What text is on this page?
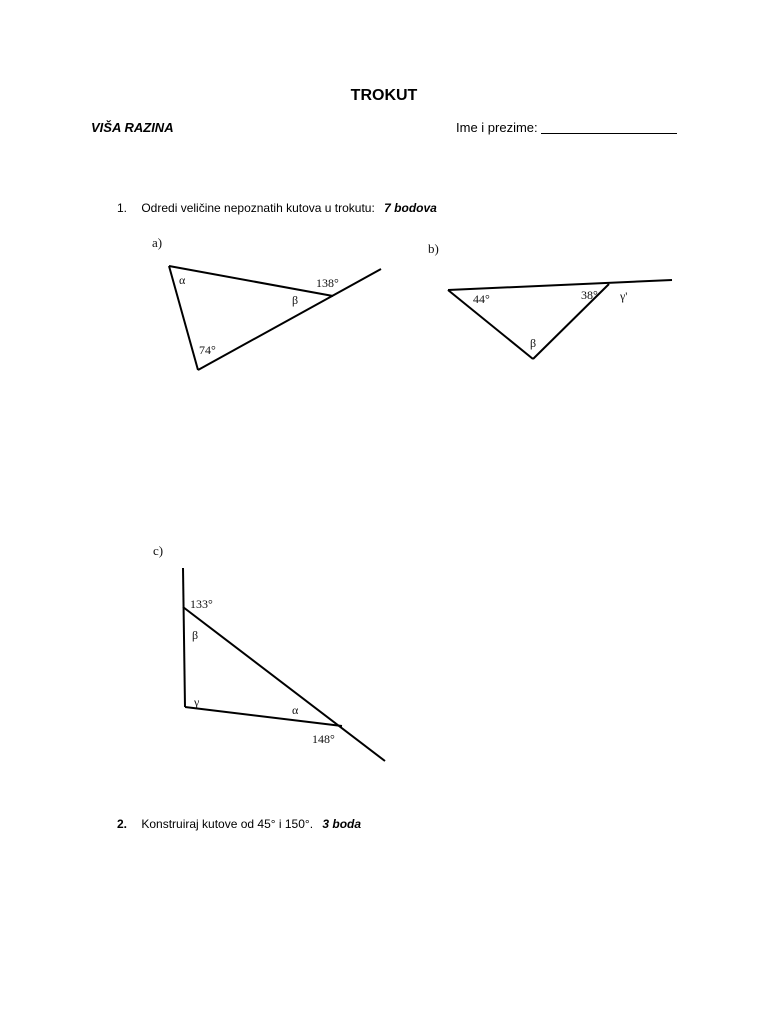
TROKUT
VIŠA RAZINA	Ime i prezime:
1. Odredi veličine nepoznatih kutova u trokutu: 7 bodova
a)
α
β
74°
138°
b)
44°	38° γ'
β
c)
133°
β
γ
α
148°
2. Konstruiraj kutove od 45° i 150°. 3 boda
